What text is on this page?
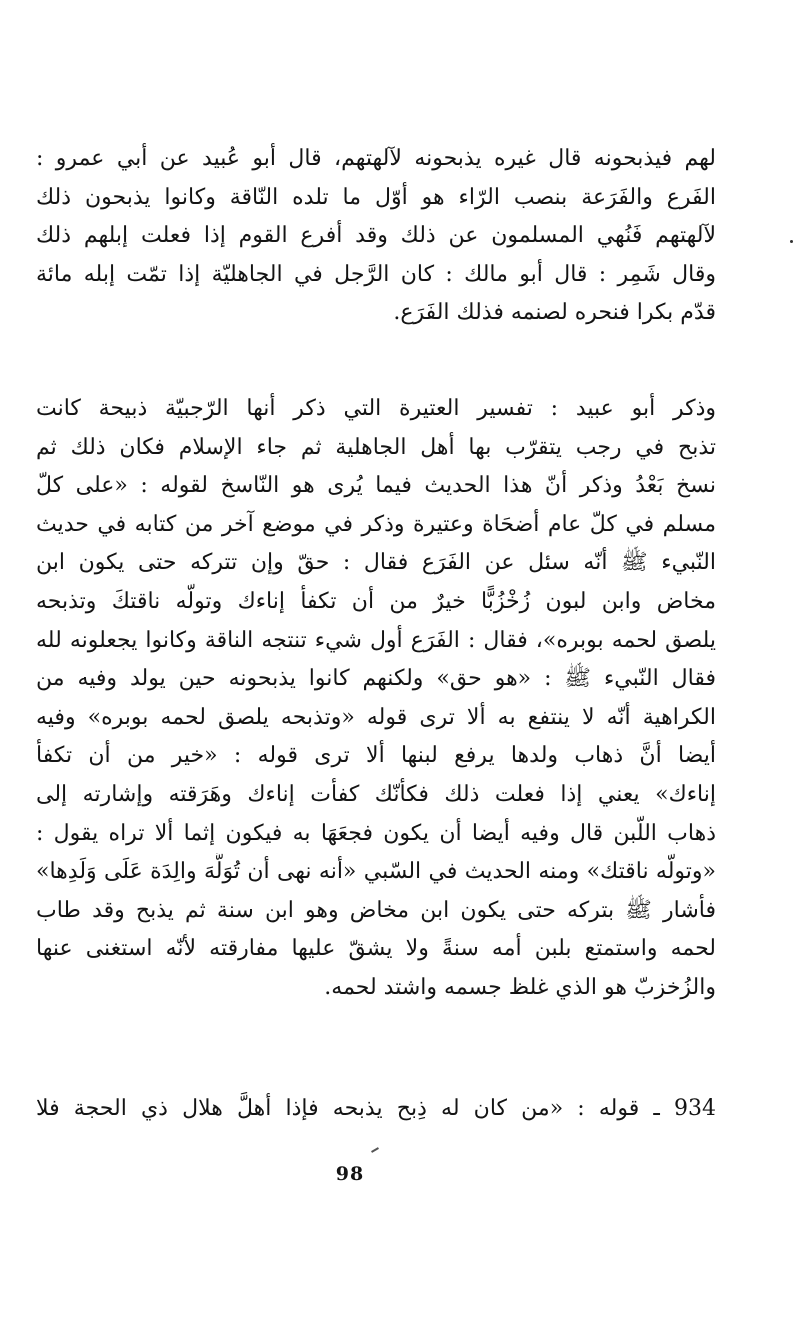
لهم فيذبحونه قال غيره يذبحونه لآلهتهم، قال أبو عُبيد عن أبي عمرو :
الفَرع والفَرَعة بنصب الرّاء هو أوّل ما تلده النّاقة وكانوا يذبحون ذلك
لآلهتهم فَنُهي المسلمون عن ذلك وقد أفرع القوم إذا فعلت إبلهم ذلك
وقال شَمِر : قال أبو مالك : كان الرَّجل في الجاهليّة إذا تمّت إبله مائة
قدّم بكرا فنحره لصنمه فذلك الفَرَع.
وذكر أبو عبيد : تفسير العتيرة التي ذكر أنها الرّجبيّة ذبيحة كانت
تذبح في رجب يتقرّب بها أهل الجاهلية ثم جاء الإسلام فكان ذلك ثم
نسخ بَعْدُ وذكر أنّ هذا الحديث فيما يُرى هو النّاسخ لقوله : «على كلّ
مسلم في كلّ عام أضحَاة وعتيرة وذكر في موضع آخر من كتابه في حديث
النّبيء ﷺ أنّه سئل عن الفَرَع فقال : حقّ وإن تتركه حتى يكون ابن
مخاض وابن لبون زُخْزُبًّا خيرٌ من أن تكفأ إناءك وتولّه ناقتكَ وتذبحه
يلصق لحمه بوبره»، فقال : الفَرَع أول شيء تنتجه الناقة وكانوا يجعلونه لله
فقال النّبيء ﷺ : «هو حق» ولكنهم كانوا يذبحونه حين يولد وفيه من
الكراهية أنّه لا ينتفع به ألا ترى قوله «وتذبحه يلصق لحمه بوبره» وفيه
أيضا أنَّ ذهاب ولدها يرفع لبنها ألا ترى قوله : «خير من أن تكفأ
إناءك» يعني إذا فعلت ذلك فكأنّك كفأت إناءك وهَرَقته وإشارته إلى
ذهاب اللّبن قال وفيه أيضا أن يكون فجعَهَا به فيكون إثما ألا تراه يقول :
«وتولّه ناقتك» ومنه الحديث في السّبي «أنه نهى أن تُوَلَّهَ والِدَة عَلَى وَلَدِها»
فأشار ﷺ بتركه حتى يكون ابن مخاض وهو ابن سنة ثم يذبح وقد طاب
لحمه واستمتع بلبن أمه سنةً ولا يشقّ عليها مفارقته لأنّه استغنى عنها
والزُخزبّ هو الذي غلظ جسمه واشتد لحمه.
934 ـ قوله : «من كان له ذِبح يذبحه فإذا أهلَّ هلال ذي الحجة فلا
98
